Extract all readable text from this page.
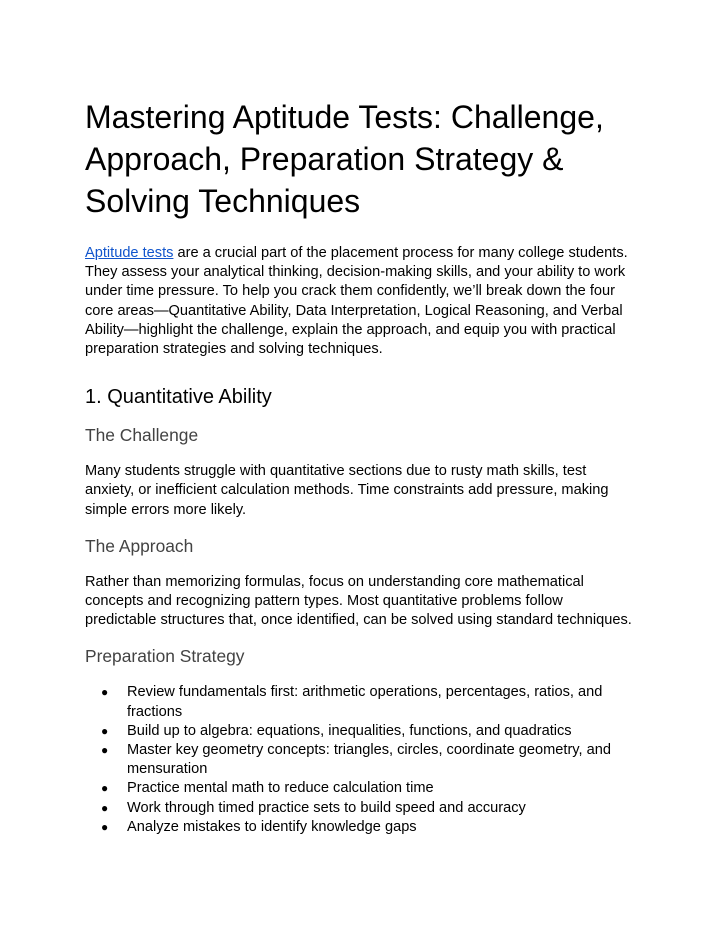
Mastering Aptitude Tests: Challenge, Approach, Preparation Strategy & Solving Techniques

Aptitude tests are a crucial part of the placement process for many college students. They assess your analytical thinking, decision-making skills, and your ability to work under time pressure. To help you crack them confidently, we’ll break down the four core areas—Quantitative Ability, Data Interpretation, Logical Reasoning, and Verbal Ability—highlight the challenge, explain the approach, and equip you with practical preparation strategies and solving techniques.

1. Quantitative Ability
The Challenge

Many students struggle with quantitative sections due to rusty math skills, test anxiety, or inefficient calculation methods. Time constraints add pressure, making simple errors more likely.

The Approach

Rather than memorizing formulas, focus on understanding core mathematical concepts and recognizing pattern types. Most quantitative problems follow predictable structures that, once identified, can be solved using standard techniques.

Preparation Strategy
● Review fundamentals first: arithmetic operations, percentages, ratios, and fractions
● Build up to algebra: equations, inequalities, functions, and quadratics
● Master key geometry concepts: triangles, circles, coordinate geometry, and mensuration
● Practice mental math to reduce calculation time
● Work through timed practice sets to build speed and accuracy
● Analyze mistakes to identify knowledge gaps
